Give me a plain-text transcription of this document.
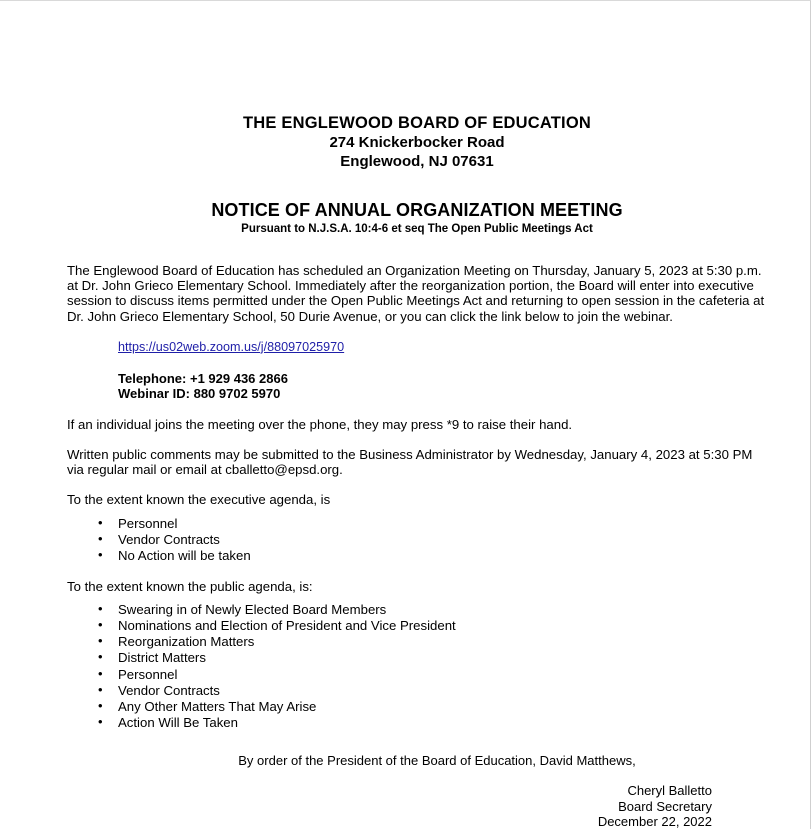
THE ENGLEWOOD BOARD OF EDUCATION
274 Knickerbocker Road
Englewood, NJ 07631
NOTICE OF ANNUAL ORGANIZATION MEETING
Pursuant to N.J.S.A. 10:4-6 et seq The Open Public Meetings Act

The Englewood Board of Education has scheduled an Organization Meeting on Thursday, January 5, 2023 at 5:30 p.m. at Dr. John Grieco Elementary School. Immediately after the reorganization portion, the Board will enter into executive session to discuss items permitted under the Open Public Meetings Act and returning to open session in the cafeteria at Dr. John Grieco Elementary School, 50 Durie Avenue, or you can click the link below to join the webinar.

https://us02web.zoom.us/j/88097025970
Telephone: +1 929 436 2866
Webinar ID: 880 9702 5970

If an individual joins the meeting over the phone, they may press *9 to raise their hand.

Written public comments may be submitted to the Business Administrator by Wednesday, January 4, 2023 at 5:30 PM via regular mail or email at cballetto@epsd.org.

To the extent known the executive agenda, is

• Personnel
• Vendor Contracts
• No Action will be taken

To the extent known the public agenda, is:

• Swearing in of Newly Elected Board Members
• Nominations and Election of President and Vice President
• Reorganization Matters
• District Matters
• Personnel
• Vendor Contracts
• Any Other Matters That May Arise
• Action Will Be Taken
By order of the President of the Board of Education, David Matthews,
Cheryl Balletto
Board Secretary
December 22, 2022
